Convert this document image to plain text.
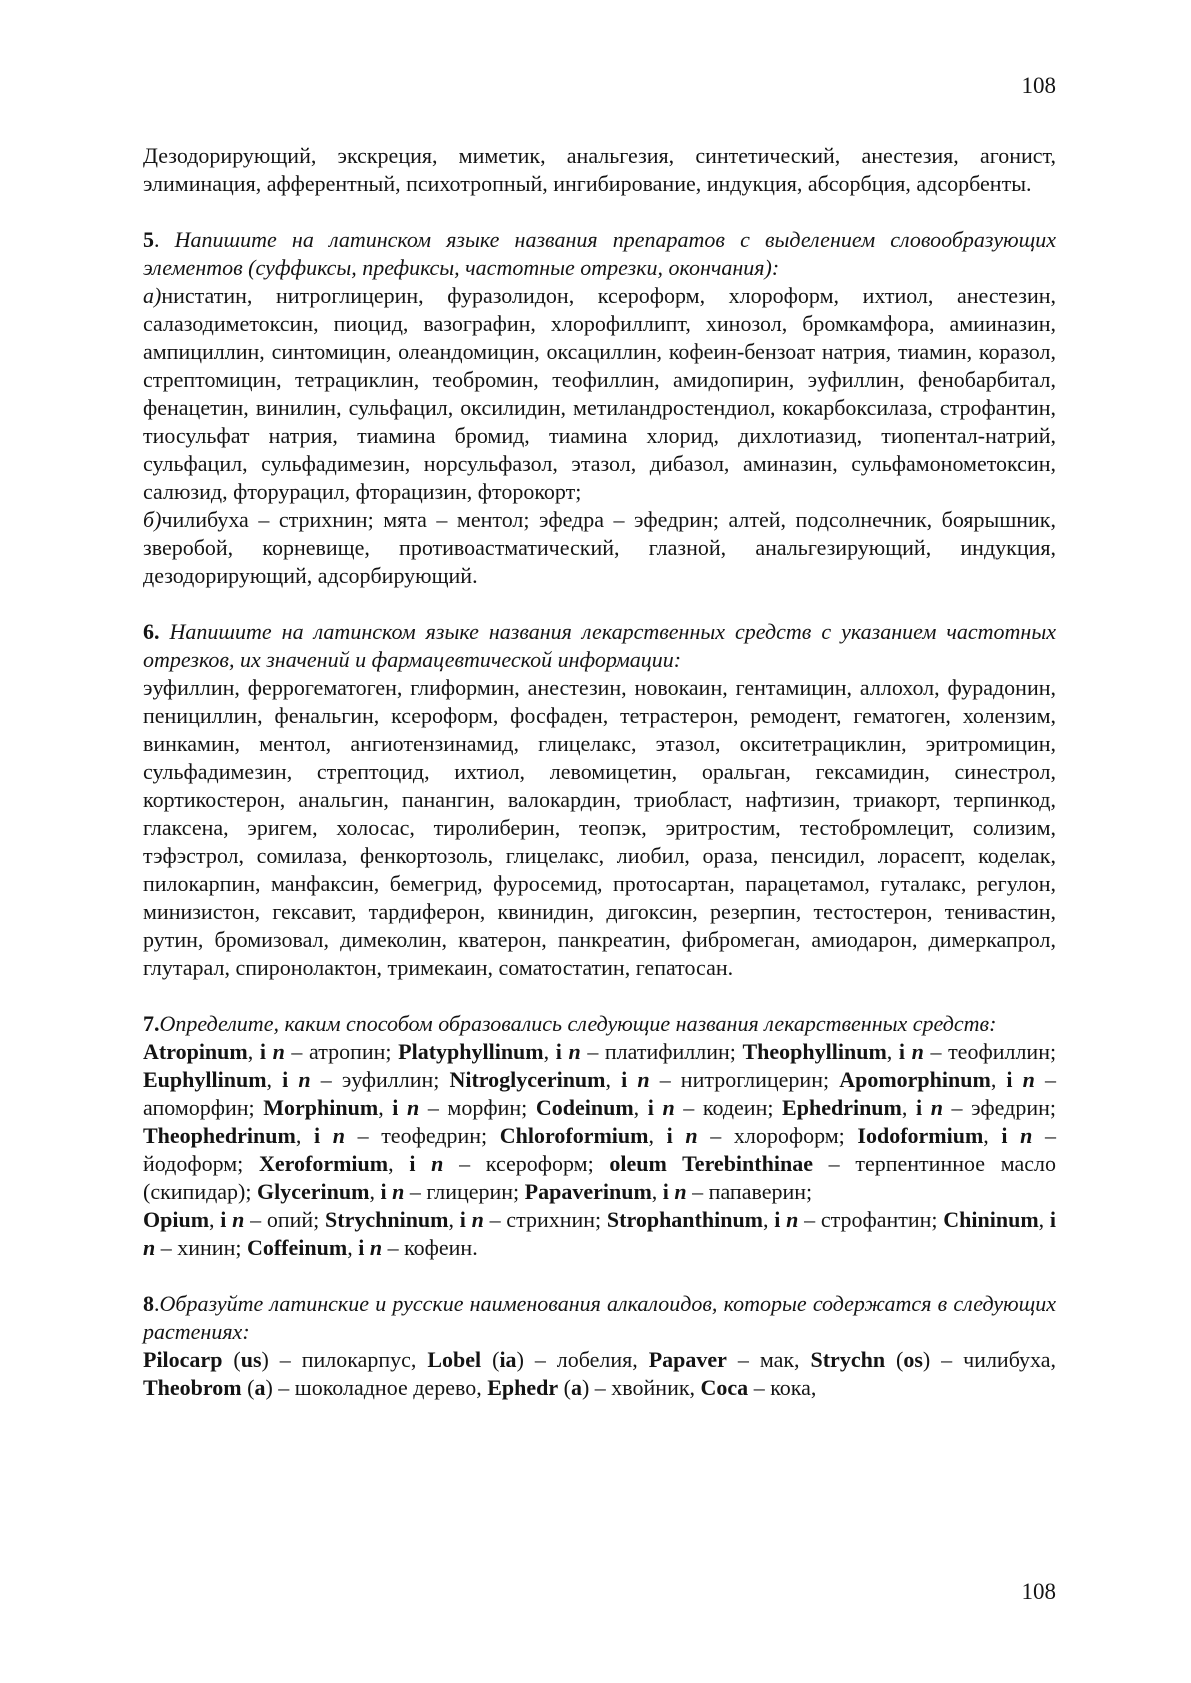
108

Дезодорирующий, экскреция, миметик, анальгезия, синтетический, анестезия, агонист, элиминация, афферентный, психотропный, ингибирование, индукция, абсорбция, адсорбенты.

5. Напишите на латинском языке названия препаратов с выделением словообразующих элементов (суффиксы, префиксы, частотные отрезки, окончания):

а)нистатин, нитроглицерин, фуразолидон, ксероформ, хлороформ, ихтиол, анестезин, салазодиметоксин, пиоцид, вазографин, хлорофиллипт, хинозол, бромкамфора, амииназин, ампициллин, синтомицин, олеандомицин, оксациллин, кофеин-бензоат натрия, тиамин, коразол, стрептомицин, тетрациклин, теобромин, теофиллин, амидопирин, эуфиллин, фенобарбитал, фенацетин, винилин, сульфацил, оксилидин, метиландростендиол, кокарбоксилаза, строфантин, тиосульфат натрия, тиамина бромид, тиамина хлорид, дихлотиазид, тиопентал-натрий, сульфацил, сульфадимезин, норсульфазол, этазол, дибазол, аминазин, сульфамонометоксин, салюзид, фторурацил, фторацизин, фторокорт;

б)чилибуха – стрихнин; мята – ментол; эфедра – эфедрин; алтей, подсолнечник, боярышник, зверобой, корневище, противоастматический, глазной, анальгезирующий, индукция, дезодорирующий, адсорбирующий.

6. Напишите на латинском языке названия лекарственных средств с указанием частотных отрезков, их значений и фармацевтической информации:

эуфиллин, феррогематоген, глиформин, анестезин, новокаин, гентамицин, аллохол, фурадонин, пенициллин, фенальгин, ксероформ, фосфаден, тетрастерон, ремодент, гематоген, холензим, винкамин, ментол, ангиотензинамид, глицелакс, этазол, окситетрациклин, эритромицин, сульфадимезин, стрептоцид, ихтиол, левомицетин, оральган, гексамидин, синестрол, кортикостерон, анальгин, панангин, валокардин, триобласт, нафтизин, триакорт, терпинкод, глаксена, эригем, холосас, тиролиберин, теопэк, эритростим, тестобромлецит, солизим, тэфэстрол, сомилаза, фенкортозоль, глицелакс, лиобил, ораза, пенсидил, лорасепт, коделак, пилокарпин, манфаксин, бемегрид, фуросемид, протосартан, парацетамол, гуталакс, регулон, минизистон, гексавит, тардиферон, квинидин, дигоксин, резерпин, тестостерон, тенивастин, рутин, бромизовал, димеколин, кватерон, панкреатин, фибромеган, амиодарон, димеркапрол, глутарал, спиронолактон, тримекаин, соматостатин, гепатосан.

7.Определите, каким способом образовались следующие названия лекарственных средств:

Atropinum, i n – атропин; Platyphyllinum, i n – платифиллин; Theophyllinum, i n – теофиллин; Euphyllinum, i n – эуфиллин; Nitroglycerinum, i n – нитроглицерин; Apomorphinum, i n – апоморфин; Morphinum, i n – морфин; Codeinum, i n – кодеин; Ephedrinum, i n – эфедрин; Theophedrinum, i n – теофедрин; Chloroformium, i n – хлороформ; Iodoformium, i n – йодоформ; Xeroformium, i n – ксероформ; oleum Terebinthinae – терпентинное масло (скипидар); Glycerinum, i n – глицерин; Papaverinum, i n – папаверин;

Opium, i n – опий; Strychninum, i n – стрихнин; Strophanthinum, i n – строфантин; Chininum, i n – хинин; Coffeinum, i n – кофеин.

8.Образуйте латинские и русские наименования алкалоидов, которые содержатся в следующих растениях:

Pilocarp (us) – пилокарпус, Lobel (ia) – лобелия, Papaver – мак, Strychn (os) – чилибуха, Theobrom (a) – шоколадное дерево, Ephedr (a) – хвойник, Coca – кока,

108
